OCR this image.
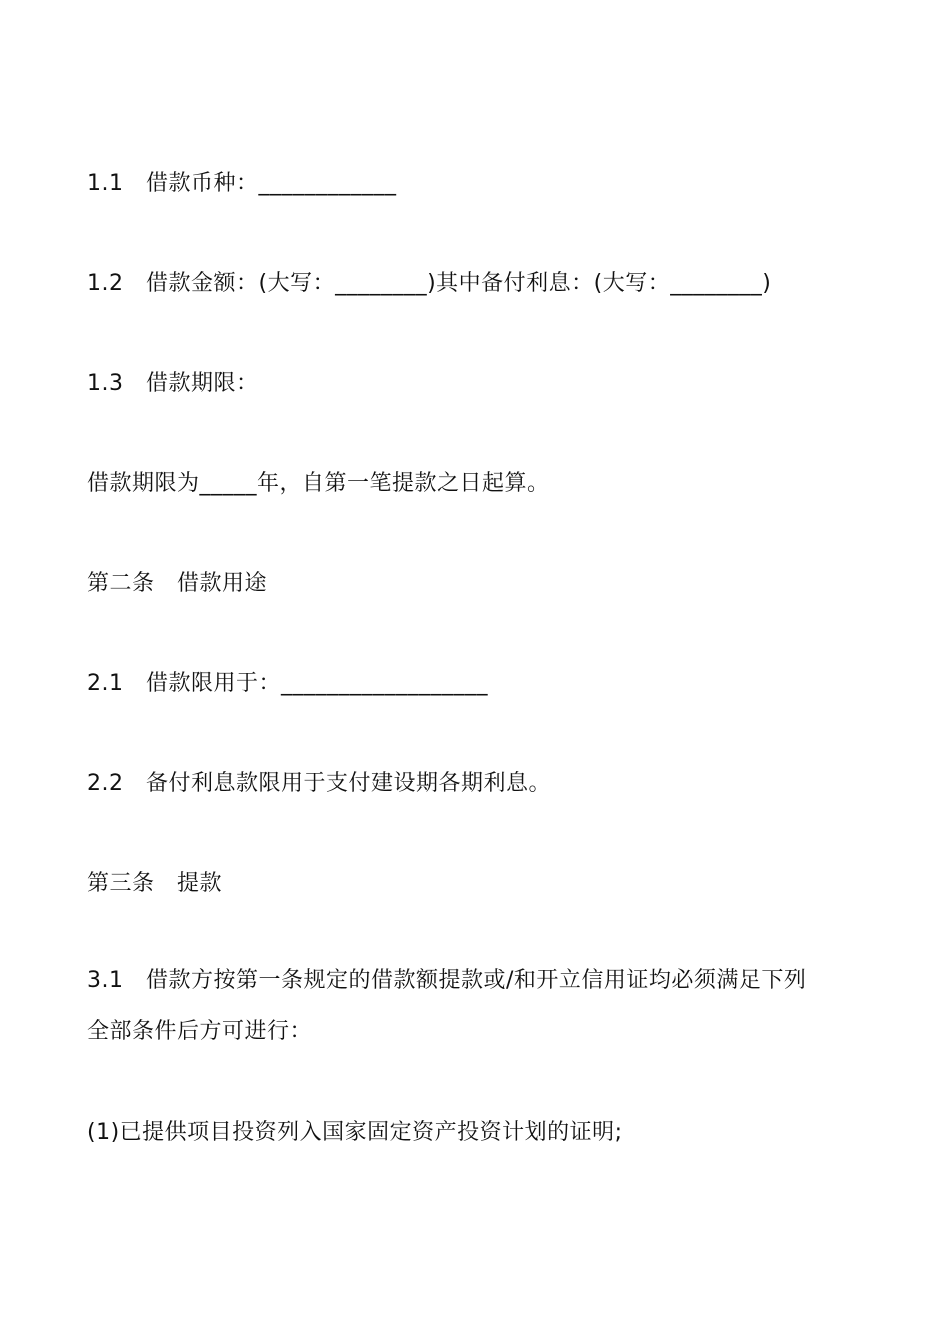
1.1　借款币种：____________
1.2　借款金额：(大写：________)其中备付利息：(大写：________)
1.3　借款期限：
借款期限为_____年，自第一笔提款之日起算。
第二条　借款用途
2.1　借款限用于：__________________
2.2　备付利息款限用于支付建设期各期利息。
第三条　提款
3.1　借款方按第一条规定的借款额提款或/和开立信用证均必须满足下列
全部条件后方可进行：
(1)已提供项目投资列入国家固定资产投资计划的证明;
